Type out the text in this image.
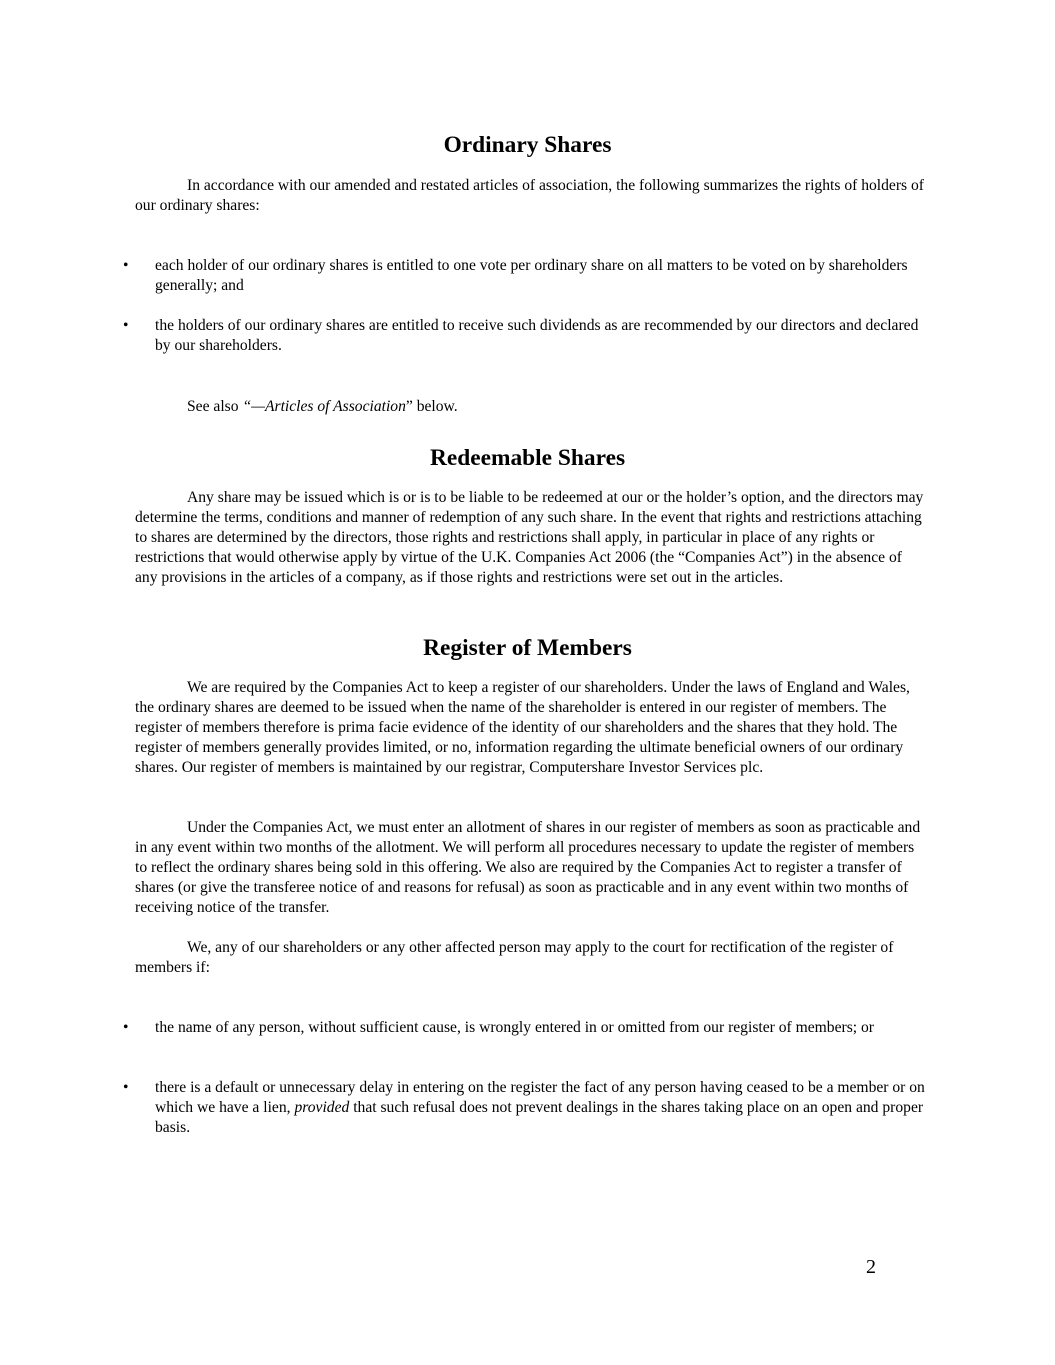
Ordinary Shares

In accordance with our amended and restated articles of association, the following summarizes the rights of holders of our ordinary shares:

•	each holder of our ordinary shares is entitled to one vote per ordinary share on all matters to be voted on by shareholders generally; and
•	the holders of our ordinary shares are entitled to receive such dividends as are recommended by our directors and declared by our shareholders.

See also “—Articles of Association” below.

Redeemable Shares

Any share may be issued which is or is to be liable to be redeemed at our or the holder’s option, and the directors may determine the terms, conditions and manner of redemption of any such share. In the event that rights and restrictions attaching to shares are determined by the directors, those rights and restrictions shall apply, in particular in place of any rights or restrictions that would otherwise apply by virtue of the U.K. Companies Act 2006 (the “Companies Act”) in the absence of any provisions in the articles of a company, as if those rights and restrictions were set out in the articles.

Register of Members

We are required by the Companies Act to keep a register of our shareholders. Under the laws of England and Wales, the ordinary shares are deemed to be issued when the name of the shareholder is entered in our register of members. The register of members therefore is prima facie evidence of the identity of our shareholders and the shares that they hold. The register of members generally provides limited, or no, information regarding the ultimate beneficial owners of our ordinary shares. Our register of members is maintained by our registrar, Computershare Investor Services plc.

Under the Companies Act, we must enter an allotment of shares in our register of members as soon as practicable and in any event within two months of the allotment. We will perform all procedures necessary to update the register of members to reflect the ordinary shares being sold in this offering. We also are required by the Companies Act to register a transfer of shares (or give the transferee notice of and reasons for refusal) as soon as practicable and in any event within two months of receiving notice of the transfer.

We, any of our shareholders or any other affected person may apply to the court for rectification of the register of members if:

•	the name of any person, without sufficient cause, is wrongly entered in or omitted from our register of members; or
•	there is a default or unnecessary delay in entering on the register the fact of any person having ceased to be a member or on which we have a lien, provided that such refusal does not prevent dealings in the shares taking place on an open and proper basis.
2
